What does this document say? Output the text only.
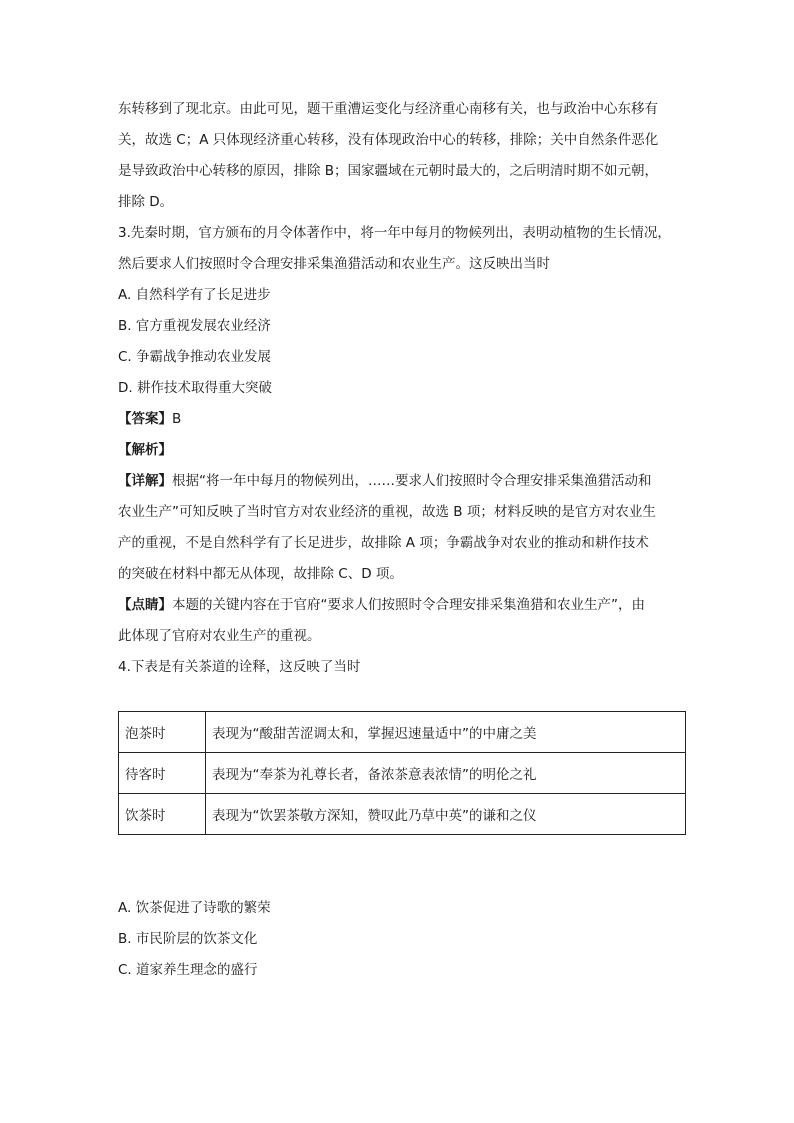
东转移到了现北京。由此可见，题干重漕运变化与经济重心南移有关，也与政治中心东移有
关，故选 C；A 只体现经济重心转移，没有体现政治中心的转移，排除；关中自然条件恶化
是导致政治中心转移的原因，排除 B；国家疆域在元朝时最大的，之后明清时期不如元朝，
排除 D。
3.先秦时期，官方颁布的月令体著作中，将一年中每月的物候列出，表明动植物的生长情况，
然后要求人们按照时令合理安排采集渔猎活动和农业生产。这反映出当时
A. 自然科学有了长足进步
B. 官方重视发展农业经济
C. 争霸战争推动农业发展
D. 耕作技术取得重大突破
【答案】B
【解析】
【详解】根据“将一年中每月的物候列出，……要求人们按照时令合理安排采集渔猎活动和
农业生产”可知反映了当时官方对农业经济的重视，故选 B 项；材料反映的是官方对农业生
产的重视，不是自然科学有了长足进步，故排除 A 项；争霸战争对农业的推动和耕作技术
的突破在材料中都无从体现，故排除 C、D 项。
【点睛】本题的关键内容在于官府“要求人们按照时令合理安排采集渔猎和农业生产”，由
此体现了官府对农业生产的重视。
4.下表是有关茶道的诠释，这反映了当时
泡茶时	表现为“酸甜苦涩调太和，掌握迟速量适中”的中庸之美
待客时	表现为“奉茶为礼尊长者，备浓茶意表浓情”的明伦之礼
饮茶时	表现为“饮罢茶敬方深知，赞叹此乃草中英”的谦和之仪
A. 饮茶促进了诗歌的繁荣
B. 市民阶层的饮茶文化
C. 道家养生理念的盛行
